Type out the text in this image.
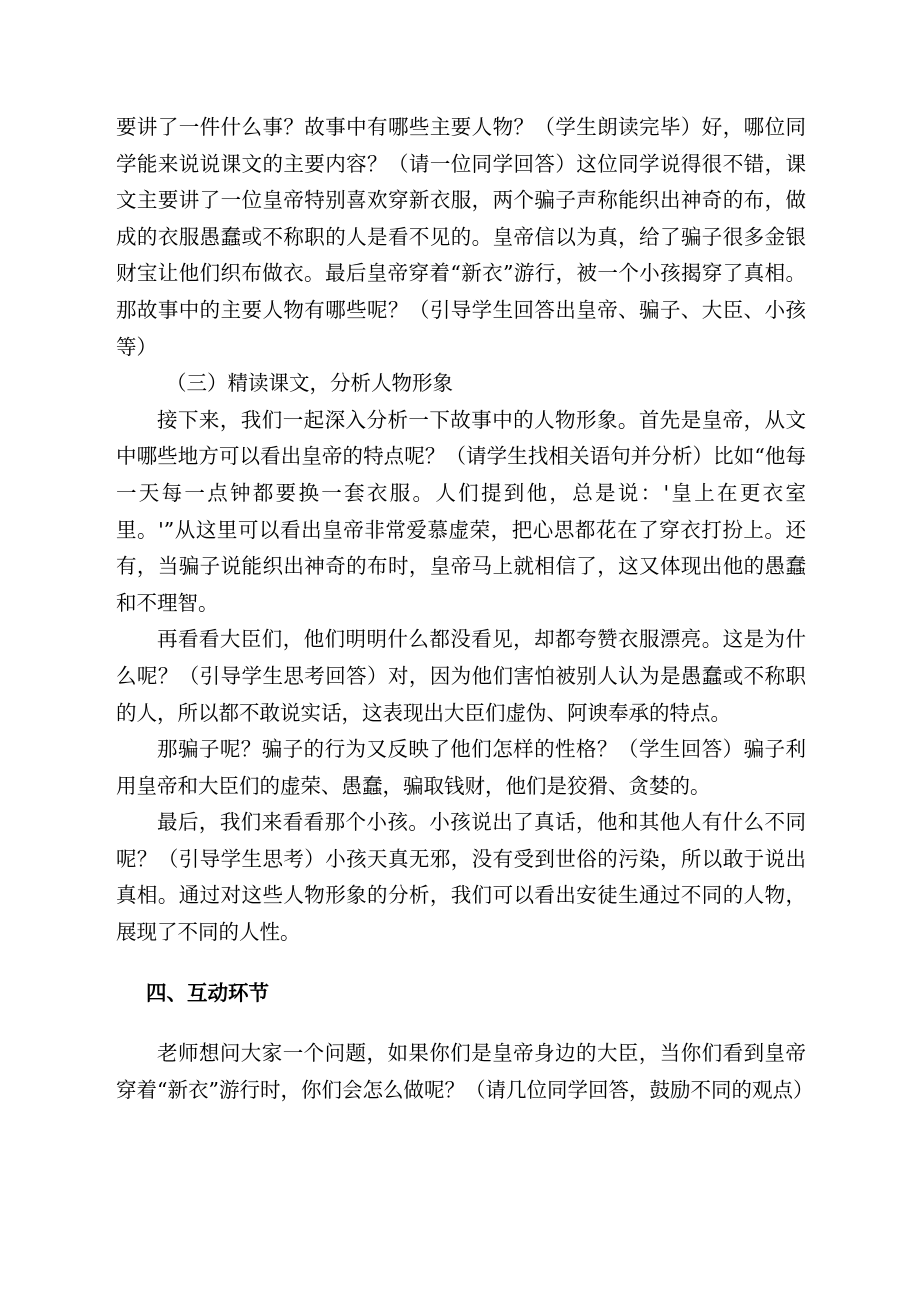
要讲了一件什么事？故事中有哪些主要人物？（学生朗读完毕）好，哪位同学能来说说课文的主要内容？（请一位同学回答）这位同学说得很不错，课文主要讲了一位皇帝特别喜欢穿新衣服，两个骗子声称能织出神奇的布，做成的衣服愚蠢或不称职的人是看不见的。皇帝信以为真，给了骗子很多金银财宝让他们织布做衣。最后皇帝穿着“新衣”游行，被一个小孩揭穿了真相。那故事中的主要人物有哪些呢？（引导学生回答出皇帝、骗子、大臣、小孩等）

（三）精读课文，分析人物形象

接下来，我们一起深入分析一下故事中的人物形象。首先是皇帝，从文中哪些地方可以看出皇帝的特点呢？（请学生找相关语句并分析）比如“他每一天每一点钟都要换一套衣服。人们提到他，总是说：'皇上在更衣室里。'”从这里可以看出皇帝非常爱慕虚荣，把心思都花在了穿衣打扮上。还有，当骗子说能织出神奇的布时，皇帝马上就相信了，这又体现出他的愚蠢和不理智。

再看看大臣们，他们明明什么都没看见，却都夸赞衣服漂亮。这是为什么呢？（引导学生思考回答）对，因为他们害怕被别人认为是愚蠢或不称职的人，所以都不敢说实话，这表现出大臣们虚伪、阿谀奉承的特点。

那骗子呢？骗子的行为又反映了他们怎样的性格？（学生回答）骗子利用皇帝和大臣们的虚荣、愚蠢，骗取钱财，他们是狡猾、贪婪的。

最后，我们来看看那个小孩。小孩说出了真话，他和其他人有什么不同呢？（引导学生思考）小孩天真无邪，没有受到世俗的污染，所以敢于说出真相。通过对这些人物形象的分析，我们可以看出安徒生通过不同的人物，展现了不同的人性。

四、互动环节

老师想问大家一个问题，如果你们是皇帝身边的大臣，当你们看到皇帝穿着“新衣”游行时，你们会怎么做呢？（请几位同学回答，鼓励不同的观点）
